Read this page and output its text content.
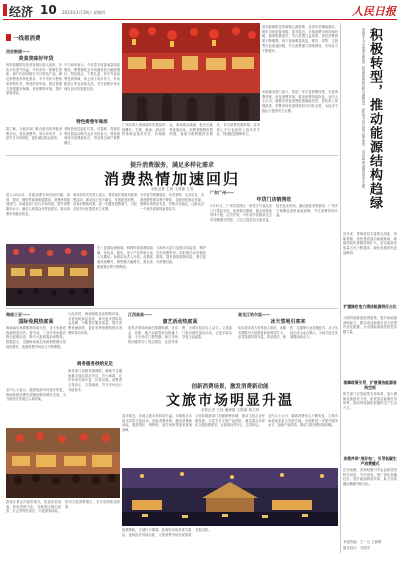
经济 10 2023年1月19日 星期四	人民日报
一线看消费
西安鼓楼附近的商铺人流密集，各类年货琳琅满目，吸引市民游客选购。春节临近，多地消费市场持续回暖，商家积极备货，节日氛围日益浓厚，居民消费意愿不断增强，线下客流明显恢复，餐饮、零售、文旅等行业加速回暖，节日消费潜力持续释放，市场活力不断提升。
西安鼓楼——
美食美味好年货
西安鼓楼附近的美食街区游人如织，各色小吃香气四溢，年货市场一派繁忙景象。商户们纷纷推出节日特色产品，满足消费者多样化需求，不少市民专程前来采购年货，感受浓浓年味。街区管理方加强服务保障，优化购物环境，提升游客体验。
不少商家表示，今年春节前客流量明显增加，销售额较去年同期有较大幅度增长。特色糕点、干果礼盒、老字号食品等受到青睐，线上线下同步发力，外卖配送订单也持续走高，节日消费市场呈现出良好的发展态势。
特色街巷年味浓
老街巷里挂起红灯笼，写春联、剪窗花等民俗活动吸引众多市民参与，特色街巷成为消费新热点，带动周边商户销售增长。
据了解，当地多部门联合推出系列促消费活动，发放消费券，举办年货节，丰富节日市场供给，更好满足群众需求。
广州多家大型商超年货销量持续攀升，生鲜、粮油、酒水饮料等商品备货充足、价格稳定。商场推出满减、积分兑换等优惠活动，消费者购物热情高涨，客流与销售额同步增长，节日消费氛围浓厚。各类线上平台也纷纷上线年货专区，物流配送保障有力。
多地商务部门表示，将进一步丰富消费场景，完善消费设施，优化消费环境，推动消费持续恢复。业内人士认为，随着各项促消费政策落地见效，居民收入预期改善，消费市场有望保持回升向好态势，为经济平稳运行提供有力支撑。
提升消费服务，满足多样化需求
消费热情加速回归
本报记者 王振 王政霖 王浩
进入2023年，各地消费市场加快回暖，商场、超市、餐馆等客流明显增加，消费热情加速回归。各地各部门出台多项举措，提升消费服务水平，满足人民群众多样化需求，推动消费市场稳步恢复。
商务部有关负责人表示，将持续开展系列促消费活动，推动线上线下融合，发展新型消费，培育消费新场景，进一步激发消费潜力，为经济回升向好提供有力支撑。
今年春节假期临近，年货采购、走亲访友、出游度假等需求集中释放，各地纷纷备足货源，保障市场供应充足、价格总体稳定，让群众过一个欢乐祥和的新春佳节。
广东广州——
年货门店销售旺
1月13日，广州市荔湾区一家老字号食品店门口排起长队，前来购买腊味、糕点的顾客络绎不绝。店员介绍，今年春节前销量比去年同期增长明显，门店已提前加大备货量，延长营业时间，满足顾客采购需求。广州多个商圈也迎来客流高峰，节日消费持续升温。
在三亚国际免税城，购物的游客摩肩接踵，化妆品、箱包、电子产品等柜台前人头攒动。免税店负责人介绍，近期客流持续攀升，销售额大幅增长，离岛免税政策红利不断释放。
当地有关部门加强市场监管，维护良好消费秩序，同时推出多项便民措施，提升游客购物体验，吸引更多消费回流。
海南三亚——
国际免税热度高
海南离岛免税购物持续火热，各大免税店客流明显回升。春节前，三亚多家免税店推出促销活动，吸引大批游客前来购物。数据显示，近期海南离岛免税销售额实现较快增长，旅游消费市场活力不断增强。
与此同时，海南积极优化购物环境，丰富免税商品品类，推出更多国际知名品牌，不断提升服务质量，提升消费者满意度，更好发挥免税购物对消费的带动作用。
商务服务供给充足
商务部门加强货源调配，确保节日期间重点商品供应充足。各大商超、农贸市场货源丰富，价格平稳，消费者买得放心、买得满意，节日市场运行平稳有序。
业内人士表示，随着旅游市场逐步恢复，海南免税消费有望继续保持增长态势，为当地经济发展注入新动能。
江西南昌——
演艺活动热度高
南昌多家剧场演出排期饱满，音乐会、话剧、地方戏曲等演出轮番上演，不少场次门票售罄。演艺市场的回暖带动了周边餐饮、住宿等消费，为城市经济注入活力。文旅部门推出惠民演出活动，让更多群众享受文化盛宴。
黑龙江哈尔滨——
冰天雪地引客来
哈尔滨冰雪大世界游人如织，冰雕雪塑吸引大批游客前来观赏打卡。冰雪旅游持续升温，带动酒店、餐饮、交通等行业加速复苏，冰天雪地正成为金山银山，为地方经济发展增添新动力。
创新消费场景，激发消费新动能
文旅市场明显升温
本报记者 王伟 潘俊强 王锦涛 杨文明
春节临近，各地文旅市场持续升温。多地推出丰富多彩的文旅活动，创新消费场景，激发消费新动能，旅游景区、博物馆、演艺场所等迎来客流高峰。
文化和旅游部门加强统筹协调，推动文旅企业纾困发展，丰富节日文旅产品供给，满足群众多样化文旅消费需求，让游客玩得开心、住得舒心。
业内人士认为，随着消费信心不断恢复，文旅市场将迎来更大发展空间。各地要进一步提升服务水平，创新产品供给，推动文旅消费持续回暖。
游客在景区内游览观光，欣赏民俗表演，体验传统文化。各地景区推出夜游、灯会等特色项目，丰富游客体验，带动文旅消费增长，节日氛围愈加浓厚。
夜幕降临，古城灯火璀璨，游客纷纷前来赏灯游玩，夜间经济持续活跃，文旅消费市场呈现蓬勃发展态势。
积极转型，推动能源结构趋绿
青海省大力发展清洁能源，推进能源结构绿色低碳转型，绿色电力供应能力稳步提升，为高质量发展提供坚实支撑。
近年来，青海依托丰富的太阳能、风能资源，加快建设清洁能源基地，新能源装机规模持续扩大，清洁能源发电量占比不断提高，绿色发展底色更加鲜明。
扩建绿色电力清洁能源供应占比
当地持续推进电网建设，提升新能源消纳能力，推动清洁能源在更大范围内优化配置，为全国能源绿色转型贡献力量。
保障政策引导，扩展清洁能源消纳空间
相关部门完善政策支持体系，加大储能设施建设力度，拓展清洁能源应用场景，推动形成绿色低碳的生产生活方式。
多措并举"用好电"，引导低碳生产消费模式
在用电侧，青海积极引导企业和居民科学用电、节约用电，推广绿色低碳技术，提升能源利用效率，助力实现碳达峰碳中和目标。
本版责编：王一凡 王新维
版式设计：马国平
